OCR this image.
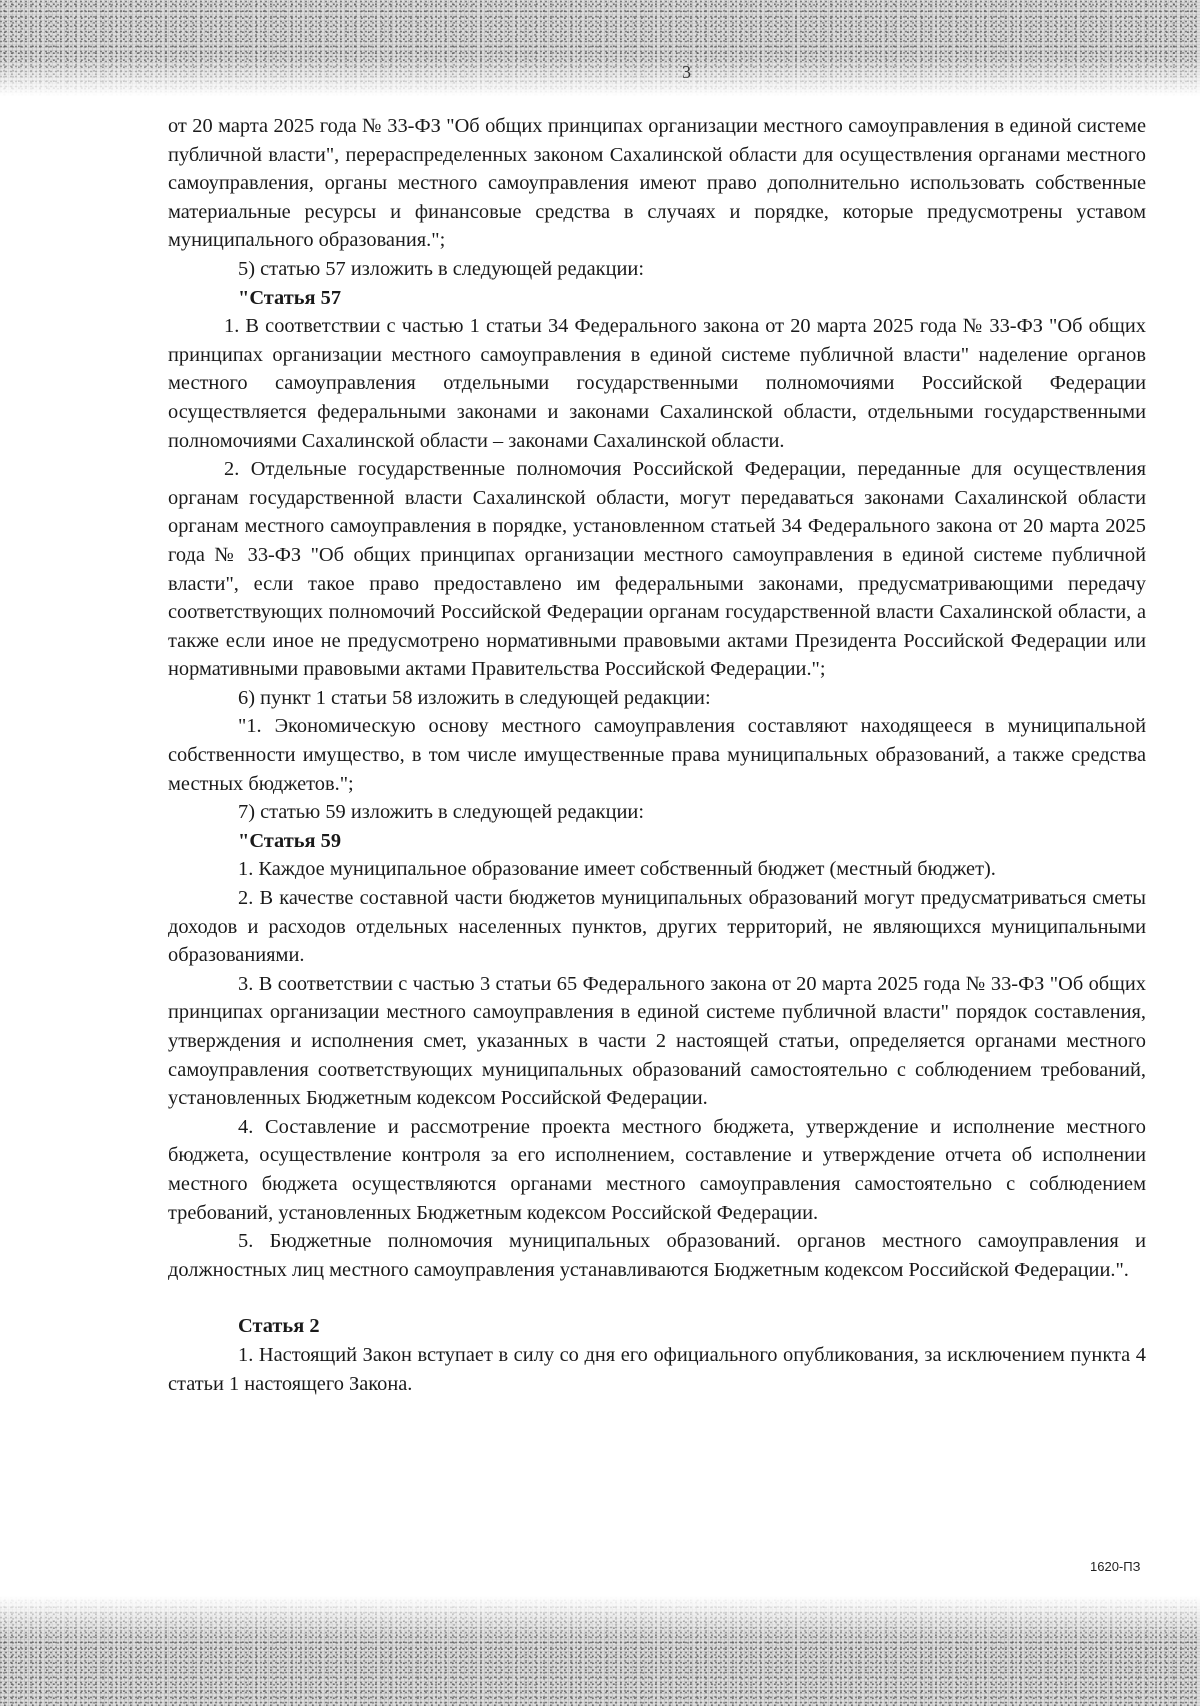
3

от 20 марта 2025 года № 33-ФЗ "Об общих принципах организации местного самоуправления в единой системе публичной власти", перераспределенных законом Сахалинской области для осуществления органами местного самоуправления, органы местного самоуправления имеют право дополнительно использовать собственные материальные ресурсы и финансовые средства в случаях и порядке, которые предусмотрены уставом муниципального образования.";

5) статью 57 изложить в следующей редакции:

"Статья 57

1. В соответствии с частью 1 статьи 34 Федерального закона от 20 марта 2025 года № 33-ФЗ "Об общих принципах организации местного самоуправления в единой системе публичной власти" наделение органов местного самоуправления отдельными государственными полномочиями Российской Федерации осуществляется федеральными законами и законами Сахалинской области, отдельными государственными полномочиями Сахалинской области – законами Сахалинской области.

2. Отдельные государственные полномочия Российской Федерации, переданные для осуществления органам государственной власти Сахалинской области, могут передаваться законами Сахалинской области органам местного самоуправления в порядке, установленном статьей 34 Федерального закона от 20 марта 2025 года № 33-ФЗ "Об общих принципах организации местного самоуправления в единой системе публичной власти", если такое право предоставлено им федеральными законами, предусматривающими передачу соответствующих полномочий Российской Федерации органам государственной власти Сахалинской области, а также если иное не предусмотрено нормативными правовыми актами Президента Российской Федерации или нормативными правовыми актами Правительства Российской Федерации.";

6) пункт 1 статьи 58 изложить в следующей редакции:

"1. Экономическую основу местного самоуправления составляют находящееся в муниципальной собственности имущество, в том числе имущественные права муниципальных образований, а также средства местных бюджетов.";

7) статью 59 изложить в следующей редакции:

"Статья 59

1. Каждое муниципальное образование имеет собственный бюджет (местный бюджет).

2. В качестве составной части бюджетов муниципальных образований могут предусматриваться сметы доходов и расходов отдельных населенных пунктов, других территорий, не являющихся муниципальными образованиями.

3. В соответствии с частью 3 статьи 65 Федерального закона от 20 марта 2025 года № 33-ФЗ "Об общих принципах организации местного самоуправления в единой системе публичной власти" порядок составления, утверждения и исполнения смет, указанных в части 2 настоящей статьи, определяется органами местного самоуправления соответствующих муниципальных образований самостоятельно с соблюдением требований, установленных Бюджетным кодексом Российской Федерации.

4. Составление и рассмотрение проекта местного бюджета, утверждение и исполнение местного бюджета, осуществление контроля за его исполнением, составление и утверждение отчета об исполнении местного бюджета осуществляются органами местного самоуправления самостоятельно с соблюдением требований, установленных Бюджетным кодексом Российской Федерации.

5. Бюджетные полномочия муниципальных образований. органов местного самоуправления и должностных лиц местного самоуправления устанавливаются Бюджетным кодексом Российской Федерации.".

Статья 2

1. Настоящий Закон вступает в силу со дня его официального опубликования, за исключением пункта 4 статьи 1 настоящего Закона.

1620-ПЗ
